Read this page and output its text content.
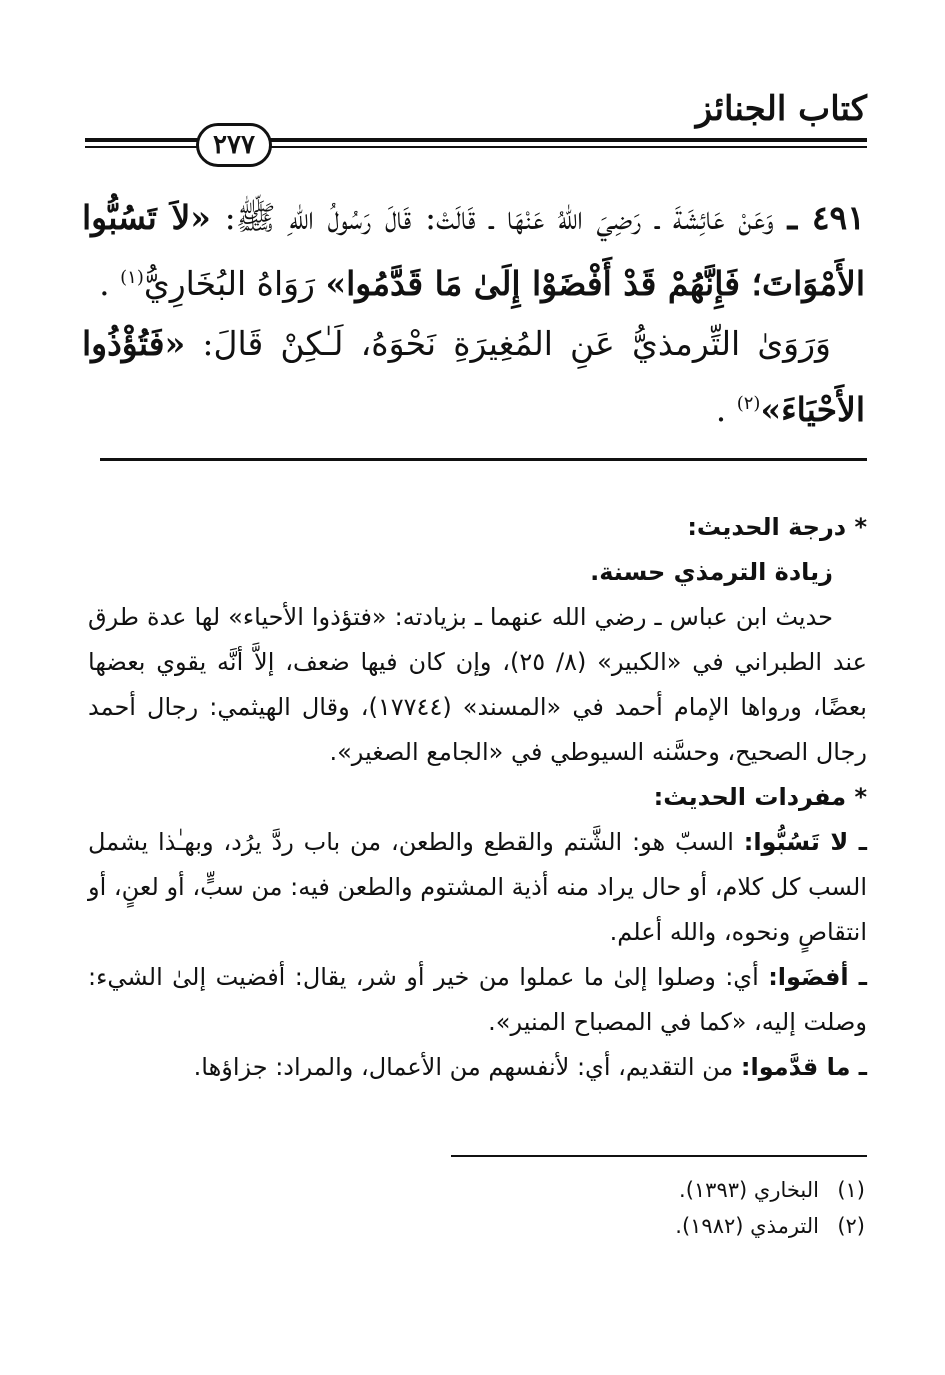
كتاب الجنائز
٢٧٧

٤٩١ ـ وَعَنْ عَائِشَةَ ـ رَضِيَ اللهُ عَنْهَا ـ قَالَتْ: قَالَ رَسُولُ اللهِ ﷺ: «لاَ تَسُبُّوا الأَمْوَاتَ؛ فَإِنَّهُمْ قَدْ أَفْضَوْا إِلَىٰ مَا قَدَّمُوا» رَوَاهُ البُخَارِيُّ$^{(١)}$ .

وَرَوَىٰ التِّرمذيُّ عَنِ المُغِيرَةِ نَحْوَهُ، لَـٰكِنْ قَالَ: «فَتُؤْذُوا الأَحْيَاءَ»$^{(٢)}$ .

* درجة الحديث:

زيادة الترمذي حسنة.

حديث ابن عباس ـ رضي الله عنهما ـ بزيادته: «فتؤذوا الأحياء» لها عدة طرق عند الطبراني في «الكبير» (٨/ ٢٥)، وإن كان فيها ضعف، إلاَّ أنَّه يقوي بعضها بعضًا، ورواها الإمام أحمد في «المسند» (١٧٧٤٤)، وقال الهيثمي: رجال أحمد رجال الصحيح، وحسَّنه السيوطي في «الجامع الصغير».

* مفردات الحديث:

ـ لا تَسُبُّوا: السبّ هو: الشَّتم والقطع والطعن، من باب ردَّ يرُد، وبهـٰذا يشمل السب كل كلام، أو حال يراد منه أذية المشتوم والطعن فيه: من سبٍّ، أو لعنٍ، أو انتقاصٍ ونحوه، والله أعلم.

ـ أفضَوا: أي: وصلوا إلىٰ ما عملوا من خير أو شر، يقال: أفضيت إلىٰ الشيء: وصلت إليه، «كما في المصباح المنير».

ـ ما قدَّموا: من التقديم، أي: لأنفسهم من الأعمال، والمراد: جزاؤها.

(١)البخاري (١٣٩٣).

(٢)الترمذي (١٩٨٢).
